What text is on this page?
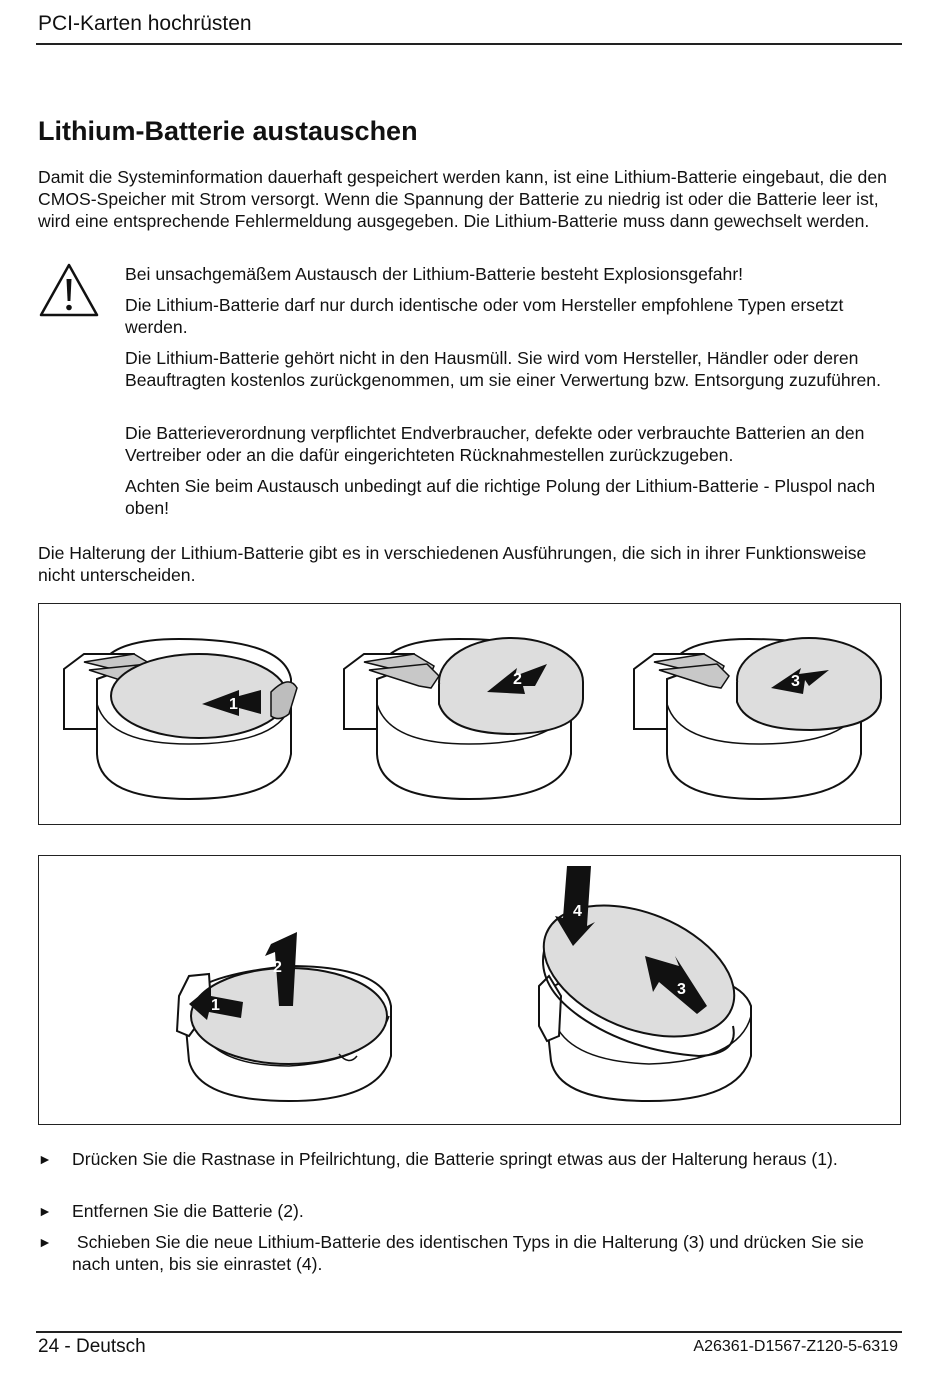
PCI-Karten hochrüsten
Lithium-Batterie austauschen

Damit die Systeminformation dauerhaft gespeichert werden kann, ist eine Lithium-Batterie eingebaut, die den CMOS-Speicher mit Strom versorgt. Wenn die Spannung der Batterie zu niedrig ist oder die Batterie leer ist, wird eine entsprechende Fehlermeldung ausgegeben. Die Lithium-Batterie muss dann gewechselt werden.

Bei unsachgemäßem Austausch der Lithium-Batterie besteht Explosionsgefahr!

Die Lithium-Batterie darf nur durch identische oder vom Hersteller empfohlene Typen ersetzt werden.

Die Lithium-Batterie gehört nicht in den Hausmüll. Sie wird vom Hersteller, Händler oder deren Beauftragten kostenlos zurückgenommen, um sie einer Verwertung bzw. Entsorgung zuzuführen.

Die Batterieverordnung verpflichtet Endverbraucher, defekte oder verbrauchte Batterien an den Vertreiber oder an die dafür eingerichteten Rücknahmestellen zurückzugeben.

Achten Sie beim Austausch unbedingt auf die richtige Polung der Lithium-Batterie - Pluspol nach oben!

Die Halterung der Lithium-Batterie gibt es in verschiedenen Ausführungen, die sich in ihrer Funktionsweise nicht unterscheiden.

1
2	3
1
2
4
3
► Drücken Sie die Rastnase in Pfeilrichtung, die Batterie springt etwas aus der Halterung heraus (1).

► Entfernen Sie die Batterie (2).

► Schieben Sie die neue Lithium-Batterie des identischen Typs in die Halterung (3) und drücken Sie sie nach unten, bis sie einrastet (4).

24 - Deutsch	A26361-D1567-Z120-5-6319
